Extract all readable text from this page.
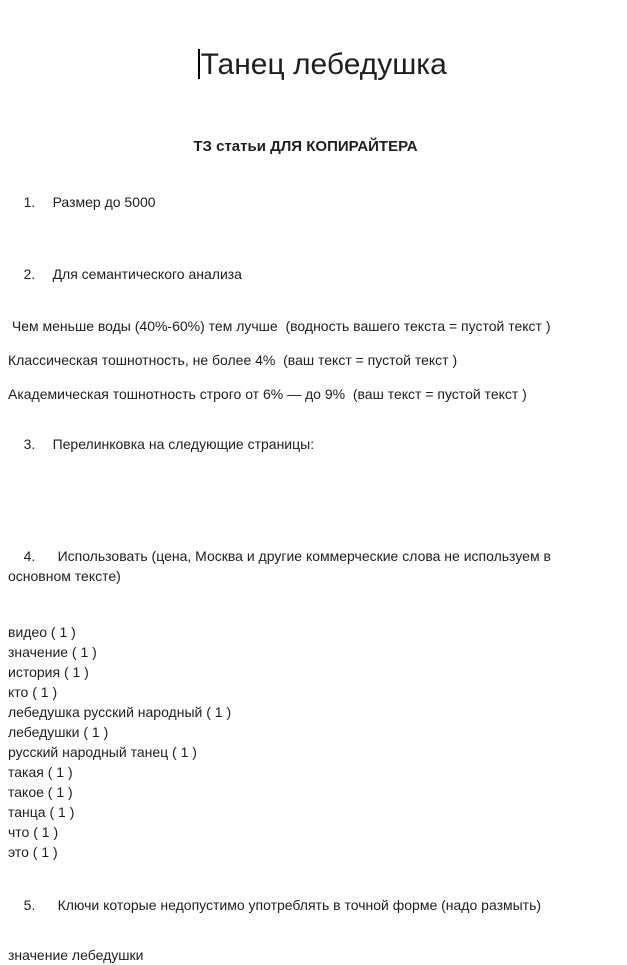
Танец лебедушка

ТЗ статьи ДЛЯ КОПИРАЙТЕРА

1. Размер до 5000

2. Для семантического анализа

Чем меньше воды (40%-60%) тем лучше  (водность вашего текста = пустой текст )
Классическая тошнотность, не более 4%  (ваш текст = пустой текст )
Академическая тошнотность строго от 6% — до 9%  (ваш текст = пустой текст )

3. Перелинковка на следующие страницы:

4. Использовать (цена, Москва и другие коммерческие слова не используем в основном тексте)

видео ( 1 )
значение ( 1 )
история ( 1 )
кто ( 1 )
лебедушка русский народный ( 1 )
лебедушки ( 1 )
русский народный танец ( 1 )
такая ( 1 )
такое ( 1 )
танца ( 1 )
что ( 1 )
это ( 1 )

5. Ключи которые недопустимо употреблять в точной форме (надо размыть)

значение лебедушки
